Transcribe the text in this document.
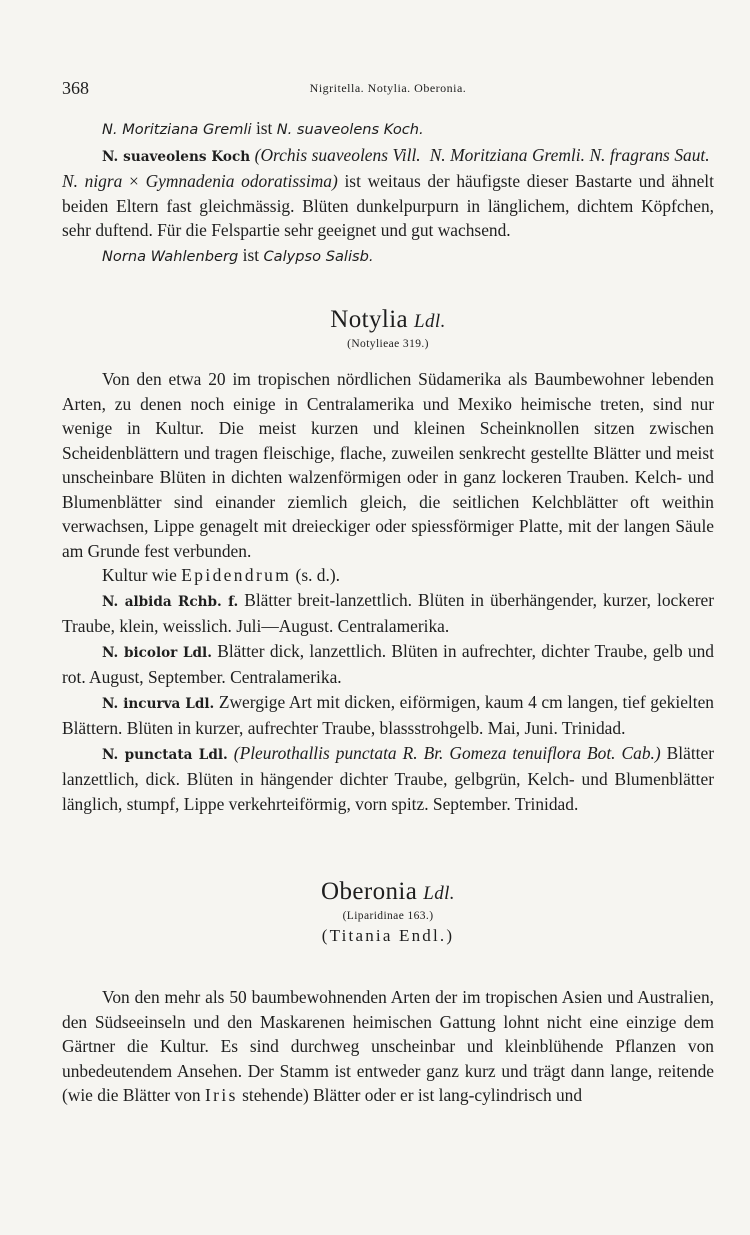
368	Nigritella. Notylia. Oberonia.

N. Moritziana Gremli ist N. suaveolens Koch.

N. suaveolens Koch (Orchis suaveolens Vill. N. Moritziana Gremli. N. fragrans Saut.  N. nigra × Gymnadenia odoratissima) ist weitaus der häufigste dieser Bastarte und ähnelt beiden Eltern fast gleichmässig. Blüten dunkelpurpurn in länglichem, dichtem Köpfchen, sehr duftend. Für die Felspartie sehr geeignet und gut wachsend.

Norna Wahlenberg ist Calypso Salisb.

Notylia Ldl.
(Notylieae 319.)

Von den etwa 20 im tropischen nördlichen Südamerika als Baumbewohner lebenden Arten, zu denen noch einige in Centralamerika und Mexiko heimische treten, sind nur wenige in Kultur. Die meist kurzen und kleinen Scheinknollen sitzen zwischen Scheidenblättern und tragen fleischige, flache, zuweilen senkrecht gestellte Blätter und meist unscheinbare Blüten in dichten walzenförmigen oder in ganz lockeren Trauben. Kelch- und Blumenblätter sind einander ziemlich gleich, die seitlichen Kelchblätter oft weithin verwachsen, Lippe genagelt mit dreieckiger oder spiessförmiger Platte, mit der langen Säule am Grunde fest verbunden.

Kultur wie Epidendrum (s. d.).

N. albida Rchb. f. Blätter breit-lanzettlich. Blüten in überhängender, kurzer, lockerer Traube, klein, weisslich. Juli—August. Centralamerika.

N. bicolor Ldl. Blätter dick, lanzettlich. Blüten in aufrechter, dichter Traube, gelb und rot. August, September. Centralamerika.

N. incurva Ldl. Zwergige Art mit dicken, eiförmigen, kaum 4 cm langen, tief gekielten Blättern. Blüten in kurzer, aufrechter Traube, blassstrohgelb. Mai, Juni. Trinidad.

N. punctata Ldl. (Pleurothallis punctata R. Br. Gomeza tenuiflora Bot. Cab.) Blätter lanzettlich, dick. Blüten in hängender dichter Traube, gelbgrün, Kelch- und Blumenblätter länglich, stumpf, Lippe verkehrteiförmig, vorn spitz. September. Trinidad.

Oberonia Ldl.
(Liparidinae 163.)
(Titania Endl.)

Von den mehr als 50 baumbewohnenden Arten der im tropischen Asien und Australien, den Südseeinseln und den Maskarenen heimischen Gattung lohnt nicht eine einzige dem Gärtner die Kultur. Es sind durchweg unscheinbar und kleinblühende Pflanzen von unbedeutendem Ansehen. Der Stamm ist entweder ganz kurz und trägt dann lange, reitende (wie die Blätter von Iris stehende) Blätter oder er ist lang-cylindrisch und
